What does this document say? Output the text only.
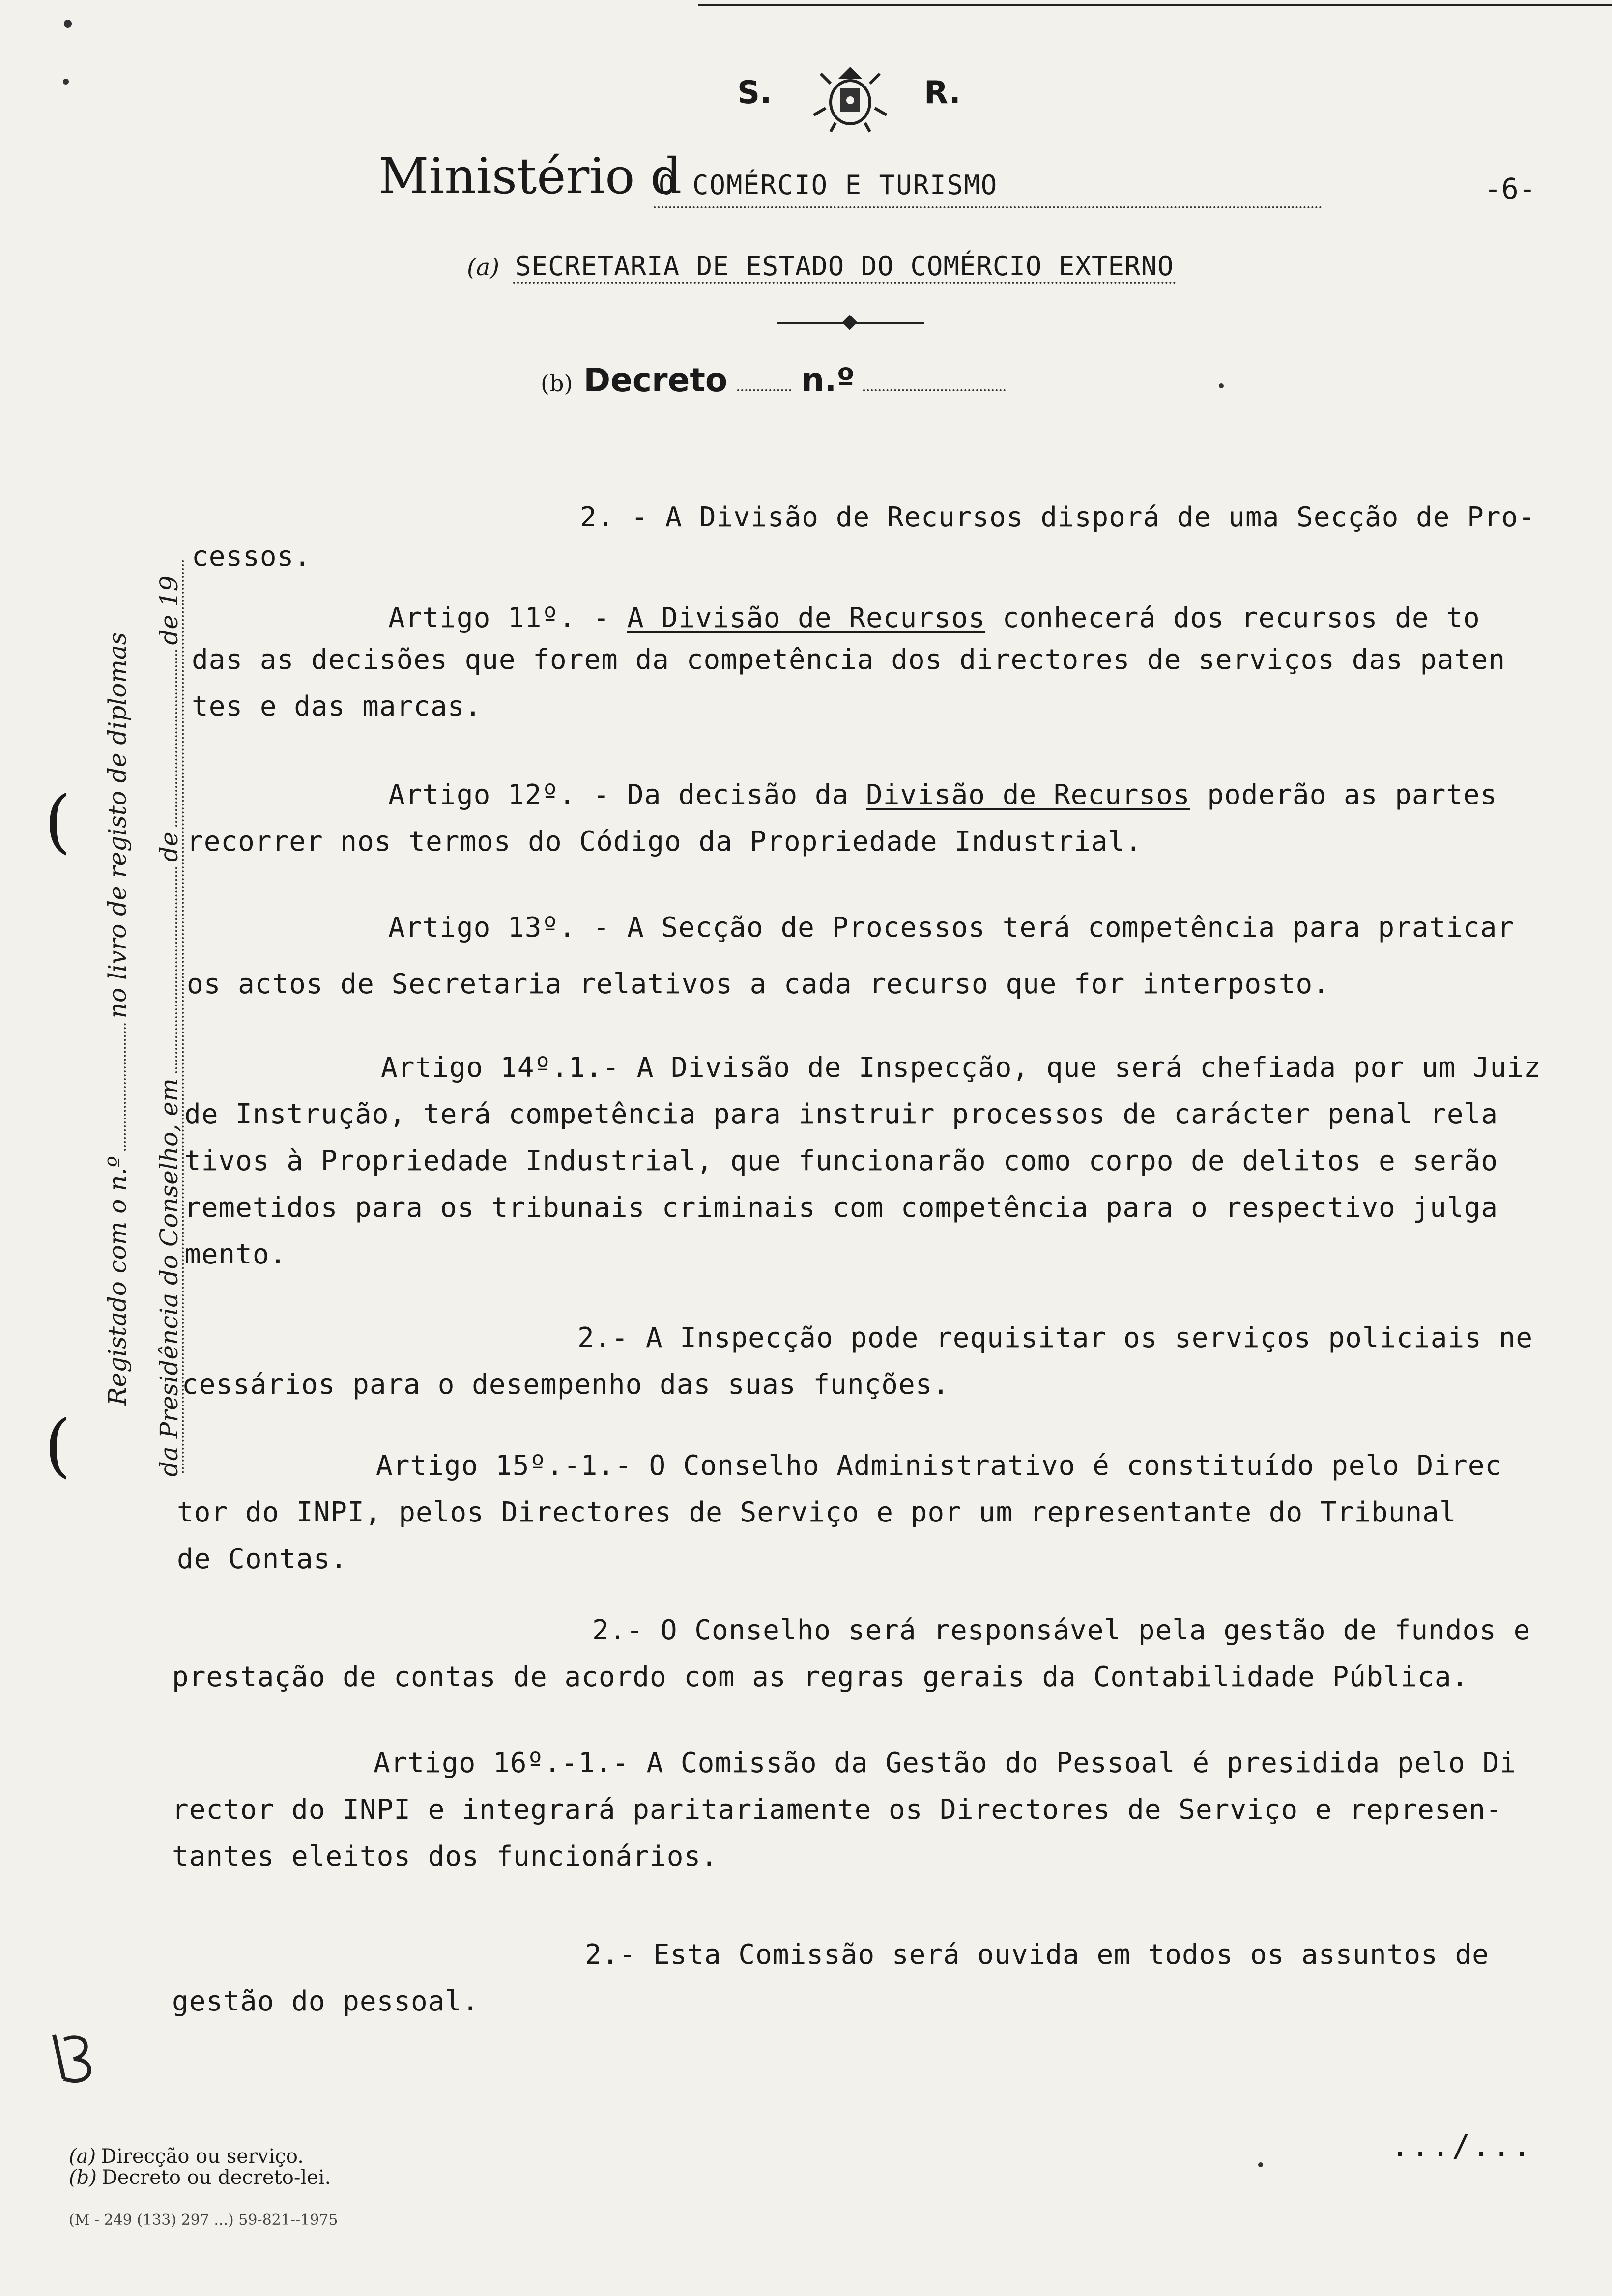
S.	R.
Ministério d
O COMÉRCIO E TURISMO	-6-
(a) SECRETARIA DE ESTADO DO COMÉRCIO EXTERNO
(b) Decreto n.º
2. - A Divisão de Recursos disporá de uma Secção de Pro-
cessos.
Artigo 11º. - A Divisão de Recursos conhecerá dos recursos de to
das as decisões que forem da competência dos directores de serviços das paten
tes e das marcas.
Artigo 12º. - Da decisão da Divisão de Recursos poderão as partes
recorrer nos termos do Código da Propriedade Industrial.
Artigo 13º. - A Secção de Processos terá competência para praticar
os actos de Secretaria relativos a cada recurso que for interposto.
Artigo 14º.1.- A Divisão de Inspecção, que será chefiada por um Juiz
de Instrução, terá competência para instruir processos de carácter penal rela
tivos à Propriedade Industrial, que funcionarão como corpo de delitos e serão
remetidos para os tribunais criminais com competência para o respectivo julga
mento.
2.- A Inspecção pode requisitar os serviços policiais ne
cessários para o desempenho das suas funções.
Artigo 15º.-1.- O Conselho Administrativo é constituído pelo Direc
tor do INPI, pelos Directores de Serviço e por um representante do Tribunal
de Contas.
2.- O Conselho será responsável pela gestão de fundos e
prestação de contas de acordo com as regras gerais da Contabilidade Pública.
Artigo 16º.-1.- A Comissão da Gestão do Pessoal é presidida pelo Di
rector do INPI e integrará paritariamente os Directores de Serviço e represen-
tantes eleitos dos funcionários.
2.- Esta Comissão será ouvida em todos os assuntos de
gestão do pessoal.
(
(
Registado com o n.ºno livro de registo de diplomas
da Presidência do Conselho, emdede 19
.../...
(a) Direcção ou serviço.
(b) Decreto ou decreto-lei.
(M - 249 (133) 297 ...) 59-821--1975
